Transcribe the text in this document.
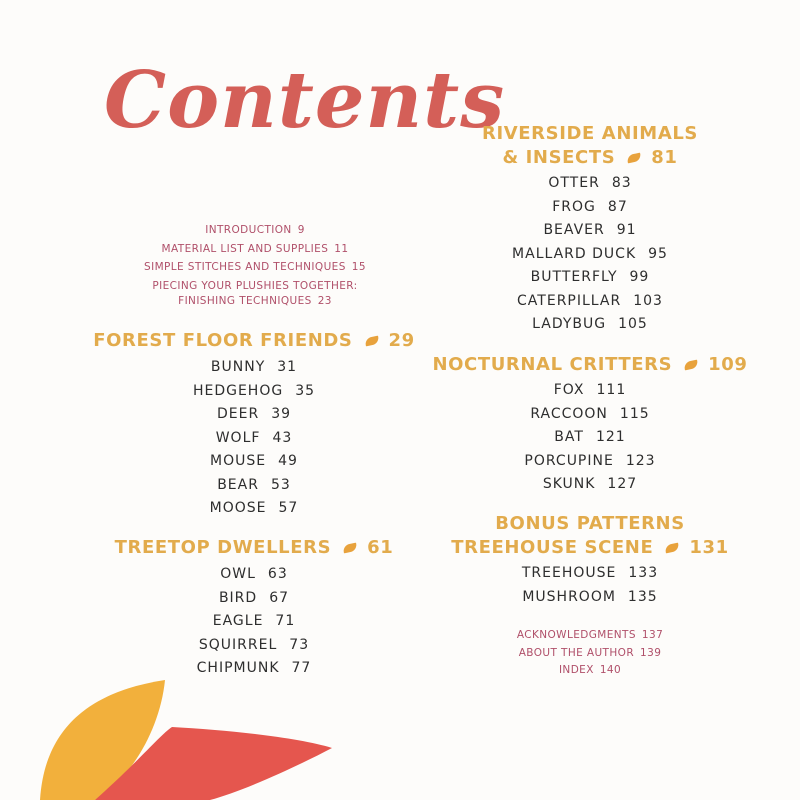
Contents
INTRODUCTION 9
MATERIAL LIST AND SUPPLIES 11
SIMPLE STITCHES AND TECHNIQUES 15
PIECING YOUR PLUSHIES TOGETHER:
FINISHING TECHNIQUES 23
FOREST FLOOR FRIENDS 29
BUNNY 31
HEDGEHOG 35
DEER 39
WOLF 43
MOUSE 49
BEAR 53
MOOSE 57
TREETOP DWELLERS 61
OWL 63
BIRD 67
EAGLE 71
SQUIRREL 73
CHIPMUNK 77
RIVERSIDE ANIMALS
& INSECTS 81
OTTER 83
FROG 87
BEAVER 91
MALLARD DUCK 95
BUTTERFLY 99
CATERPILLAR 103
LADYBUG 105
NOCTURNAL CRITTERS 109
FOX 111
RACCOON 115
BAT 121
PORCUPINE 123
SKUNK 127
BONUS PATTERNS
TREEHOUSE SCENE 131
TREEHOUSE 133
MUSHROOM 135
ACKNOWLEDGMENTS 137
ABOUT THE AUTHOR 139
INDEX 140
